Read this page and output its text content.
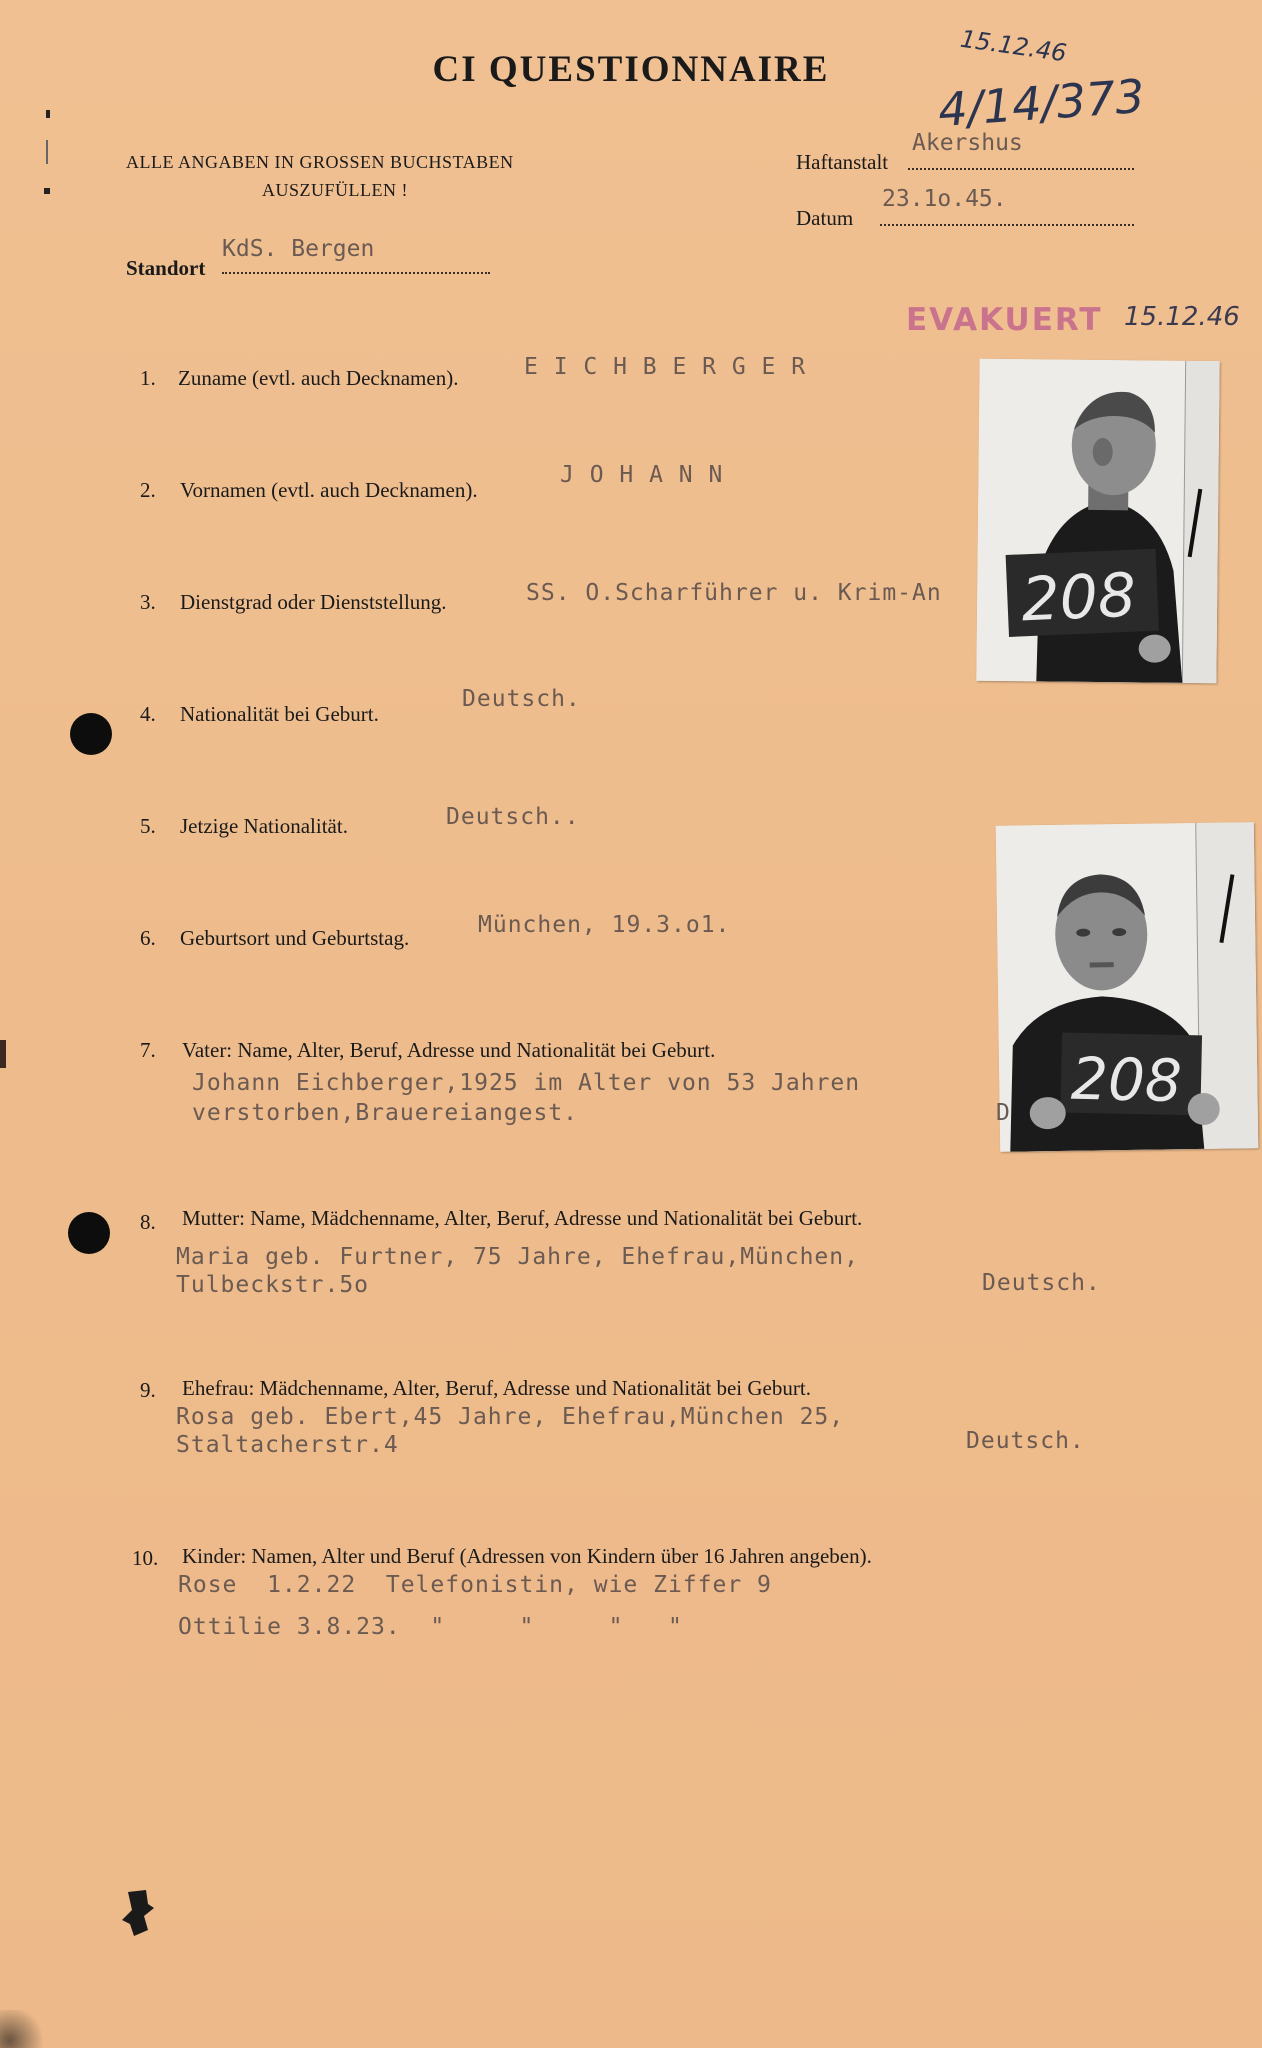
CI QUESTIONNAIRE
15.12.46
4/14/373
ALLE ANGABEN IN GROSSEN BUCHSTABEN
AUSZUFÜLLEN !
Haftanstalt
Akershus
Datum
23.1o.45.
Standort
KdS. Bergen
EVAKUERT 15.12.46
208
208
1. Zuname (evtl. auch Decknamen).	E I C H B E R G E R
2. Vornamen (evtl. auch Decknamen).
J O H A N N
3. Dienstgrad oder Dienststellung.	SS. O.Scharführer u. Krim-An
4. Nationalität bei Geburt.
Deutsch.
5. Jetzige Nationalität.	Deutsch..
6. Geburtsort und Geburtstag.	München, 19.3.o1.
7. Vater: Name, Alter, Beruf, Adresse und Nationalität bei Geburt.
Johann Eichberger,1925 im Alter von 53 Jahren
verstorben,Brauereiangest.	D
8. Mutter: Name, Mädchenname, Alter, Beruf, Adresse und Nationalität bei Geburt.
Maria geb. Furtner, 75 Jahre, Ehefrau,München,
Tulbeckstr.5o	Deutsch.
9. Ehefrau: Mädchenname, Alter, Beruf, Adresse und Nationalität bei Geburt.
Rosa geb. Ebert,45 Jahre, Ehefrau,München 25,
Staltacherstr.4	Deutsch.
10. Kinder: Namen, Alter und Beruf (Adressen von Kindern über 16 Jahren angeben).
Rose  1.2.22  Telefonistin, wie Ziffer 9
Ottilie 3.8.23.  "     "     "   "
